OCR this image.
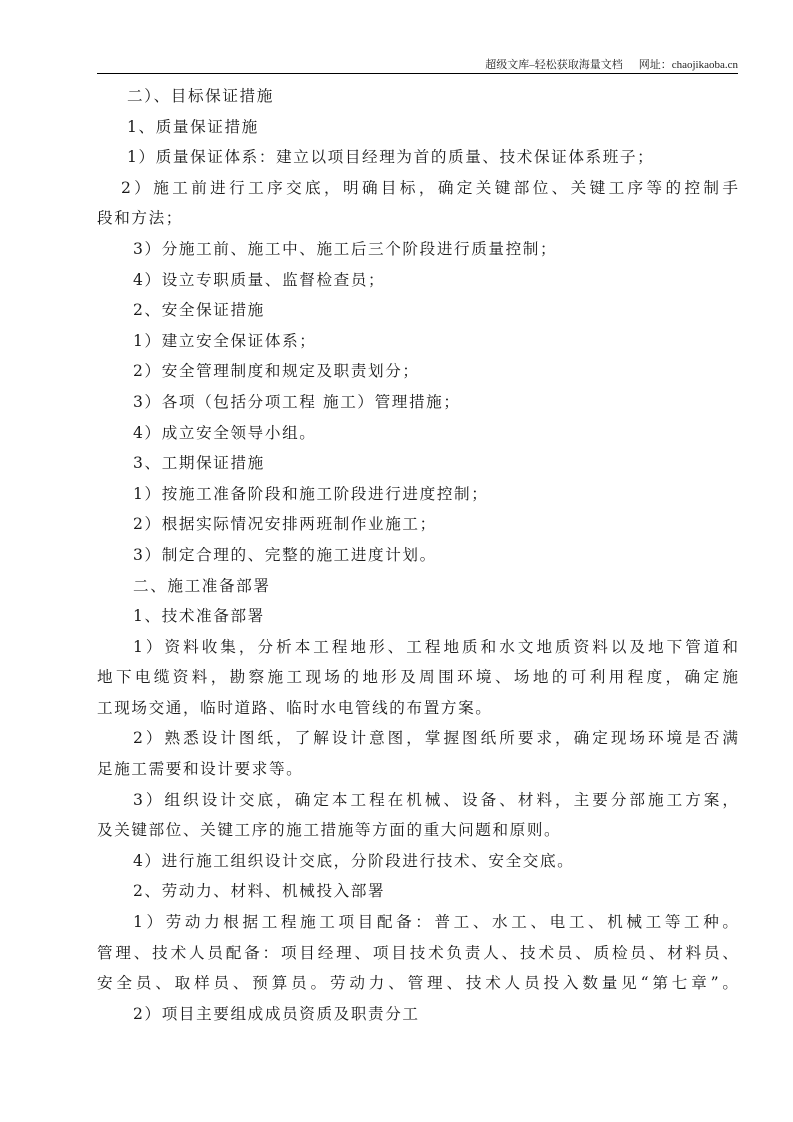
超级文库–轻松获取海量文档 网址：chaojikaoba.cn
二）、目标保证措施
1、质量保证措施
1）质量保证体系：建立以项目经理为首的质量、技术保证体系班子；
2）施工前进行工序交底，明确目标，确定关键部位、关键工序等的控制手
段和方法；
3）分施工前、施工中、施工后三个阶段进行质量控制；
4）设立专职质量、监督检查员；
2、安全保证措施
1）建立安全保证体系；
2）安全管理制度和规定及职责划分；
3）各项（包括分项工程 施工）管理措施；
4）成立安全领导小组。
3、工期保证措施
1）按施工准备阶段和施工阶段进行进度控制；
2）根据实际情况安排两班制作业施工；
3）制定合理的、完整的施工进度计划。
二、施工准备部署
1、技术准备部署
1）资料收集，分析本工程地形、工程地质和水文地质资料以及地下管道和
地下电缆资料，勘察施工现场的地形及周围环境、场地的可利用程度，确定施
工现场交通，临时道路、临时水电管线的布置方案。
2）熟悉设计图纸，了解设计意图，掌握图纸所要求，确定现场环境是否满
足施工需要和设计要求等。
3）组织设计交底，确定本工程在机械、设备、材料，主要分部施工方案，
及关键部位、关键工序的施工措施等方面的重大问题和原则。
4）进行施工组织设计交底，分阶段进行技术、安全交底。
2、劳动力、材料、机械投入部署
1）劳动力根据工程施工项目配备：普工、水工、电工、机械工等工种。
管理、技术人员配备：项目经理、项目技术负责人、技术员、质检员、材料员、
安全员、取样员、预算员。劳动力、管理、技术人员投入数量见“第七章”。
2）项目主要组成成员资质及职责分工
